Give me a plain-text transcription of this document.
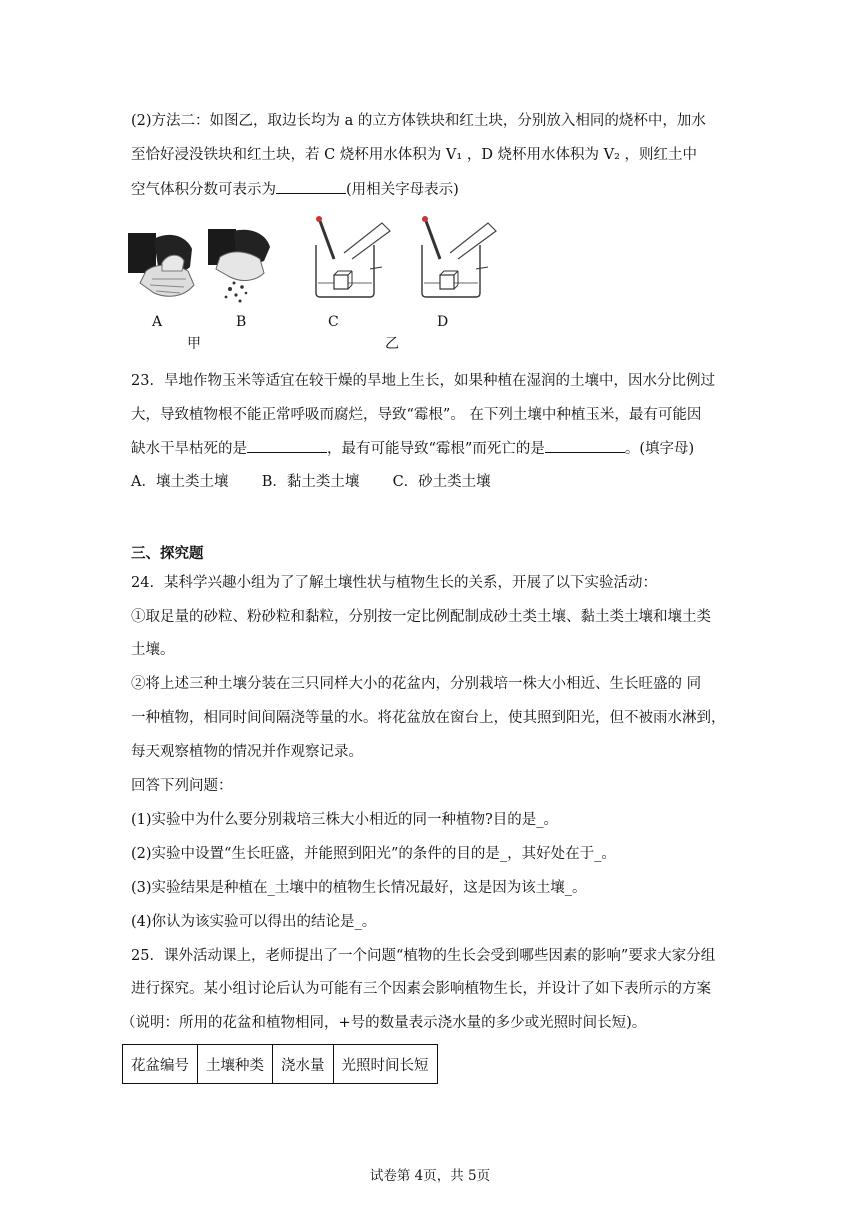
(2)方法二：如图乙，取边长均为 a 的立方体铁块和红土块，分别放入相同的烧杯中，加水
至恰好浸没铁块和红土块，若 C 烧杯用水体积为 V₁ ，D 烧杯用水体积为 V₂ ，则红土中
空气体积分数可表示为	(用相关字母表示)
A	B	C	D
甲	乙
23．旱地作物玉米等适宜在较干燥的旱地上生长，如果种植在湿润的土壤中，因水分比例过
大，导致植物根不能正常呼吸而腐烂，导致“霉根”。 在下列土壤中种植玉米，最有可能因
缺水干旱枯死的是	，最有可能导致“霉根”而死亡的是	。(填字母)
A．壤土类土壤 B．黏土类土壤 C．砂土类土壤
三、探究题
24．某科学兴趣小组为了了解土壤性状与植物生长的关系，开展了以下实验活动：
①取足量的砂粒、粉砂粒和黏粒，分别按一定比例配制成砂土类土壤、黏土类土壤和壤土类
土壤。
②将上述三种土壤分装在三只同样大小的花盆内，分别栽培一株大小相近、生长旺盛的 同
一种植物，相同时间间隔浇等量的水。将花盆放在窗台上，使其照到阳光，但不被雨水淋到，
每天观察植物的情况并作观察记录。
回答下列问题：
(1)实验中为什么要分别栽培三株大小相近的同一种植物?目的是_。
(2)实验中设置“生长旺盛，并能照到阳光”的条件的目的是_，其好处在于_。
(3)实验结果是种植在_土壤中的植物生长情况最好，这是因为该土壤_。
(4)你认为该实验可以得出的结论是_。
25．课外活动课上，老师提出了一个问题“植物的生长会受到哪些因素的影响”要求大家分组
进行探究。某小组讨论后认为可能有三个因素会影响植物生长，并设计了如下表所示的方案
（说明：所用的花盆和植物相同，+号的数量表示浇水量的多少或光照时间长短)。
花盆编号	土壤种类	浇水量	光照时间长短
试卷第 4页，共 5页
